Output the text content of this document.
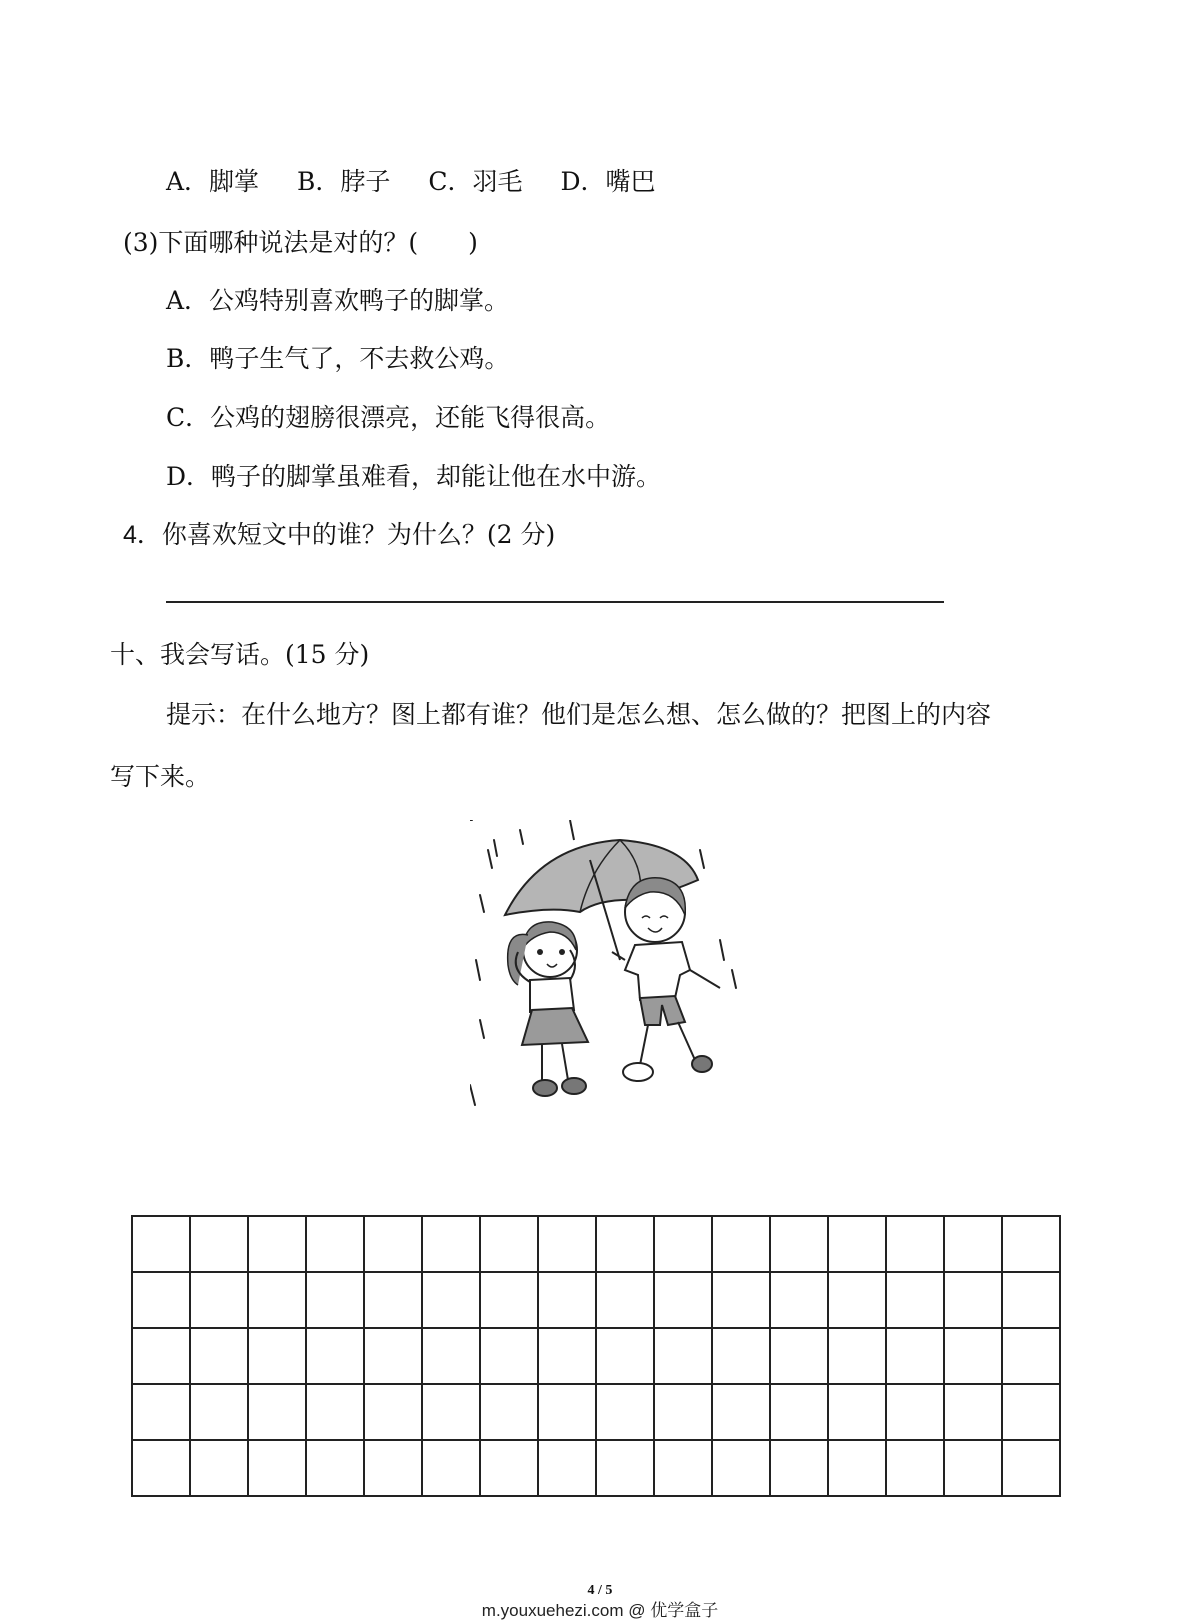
A．脚掌 B．脖子 C．羽毛 D．嘴巴
(3)下面哪种说法是对的？(　　)
A．公鸡特别喜欢鸭子的脚掌。
B．鸭子生气了，不去救公鸡。
C．公鸡的翅膀很漂亮，还能飞得很高。
D．鸭子的脚掌虽难看，却能让他在水中游。
4．你喜欢短文中的谁？为什么？(2 分)
十、我会写话。(15 分)
提示：在什么地方？图上都有谁？他们是怎么想、怎么做的？把图上的内容
写下来。

4 / 5
m.youxuehezi.com @ 优学盒子
